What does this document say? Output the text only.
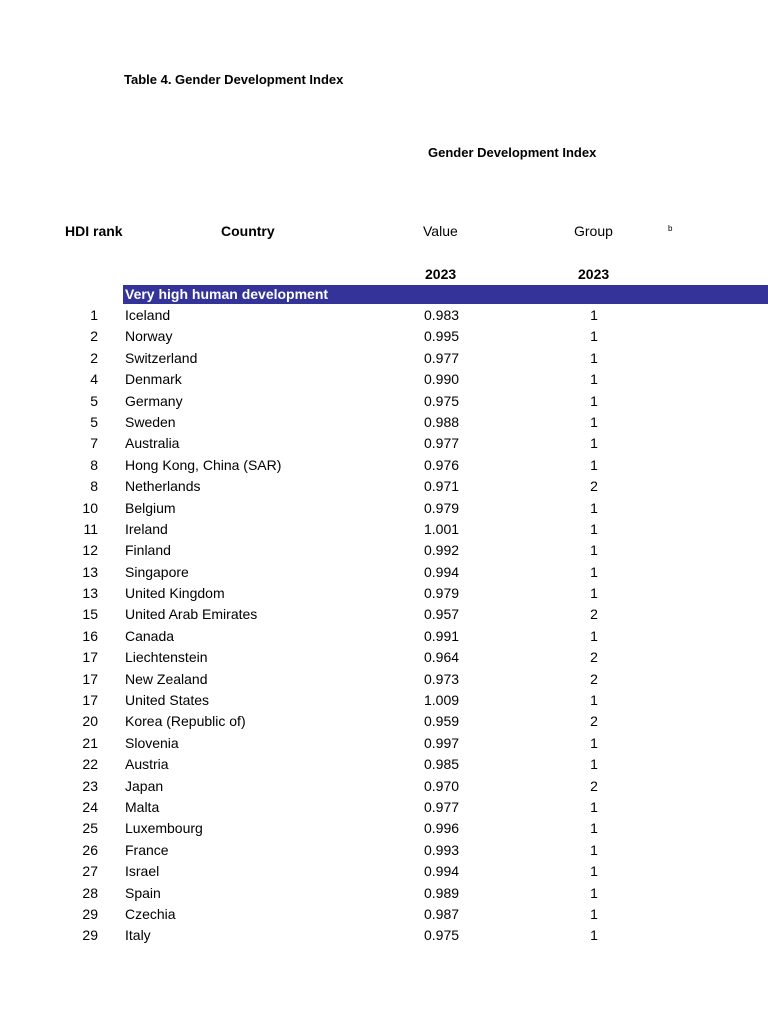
Table 4. Gender Development Index
Gender Development Index
HDI rank	Country	Value	Group	b
2023	2023
Very high human development
1 Iceland	0.983	1
2 Norway	0.995	1
2 Switzerland	0.977	1
4 Denmark	0.990	1
5 Germany	0.975	1
5 Sweden	0.988	1
7 Australia	0.977	1
8 Hong Kong, China (SAR)	0.976	1
8 Netherlands	0.971	2
10 Belgium	0.979	1
11 Ireland	1.001	1
12 Finland	0.992	1
13 Singapore	0.994	1
13 United Kingdom	0.979	1
15 United Arab Emirates	0.957	2
16 Canada	0.991	1
17 Liechtenstein	0.964	2
17 New Zealand	0.973	2
17 United States	1.009	1
20 Korea (Republic of)	0.959	2
21 Slovenia	0.997	1
22 Austria	0.985	1
23 Japan	0.970	2
24 Malta	0.977	1
25 Luxembourg	0.996	1
26 France	0.993	1
27 Israel	0.994	1
28 Spain	0.989	1
29 Czechia	0.987	1
29 Italy	0.975	1
